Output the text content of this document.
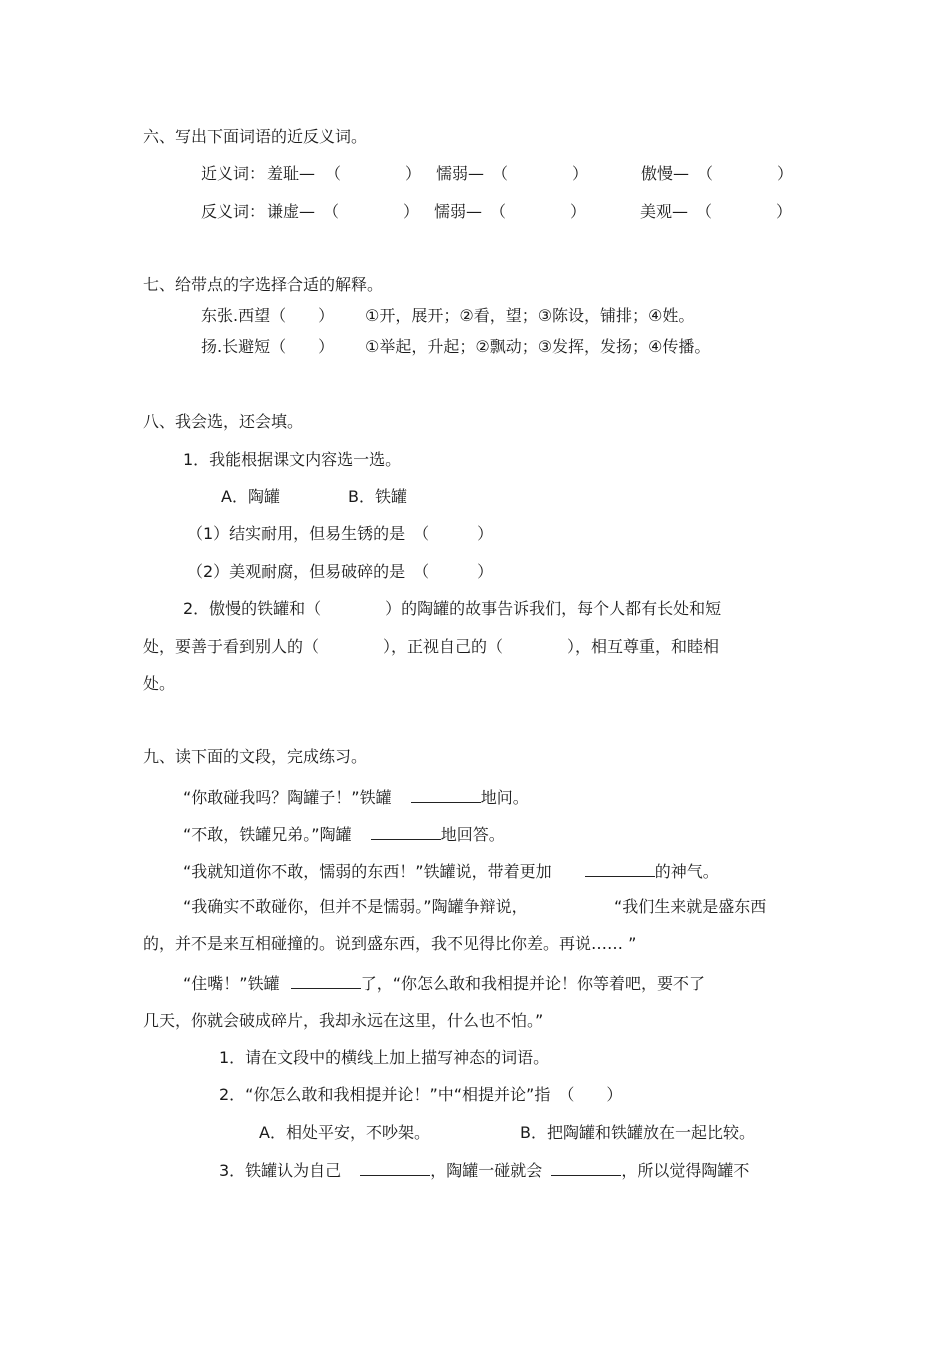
六、写出下面词语的近反义词。
近义词： 羞耻— （　　　　） 懦弱— （　　　　）	傲慢— （　　　　）
反义词： 谦虚— （　　　　） 懦弱— （　　　　）	美观— （　　　　）
七、给带点的字选择合适的解释。
东张.西望（　　） ①开，展开；②看，望；③陈设，铺排；④姓。
扬.长避短（　　） ①举起，升起；②飘动；③发挥，发扬；④传播。
八、我会选，还会填。
1．我能根据课文内容选一选。
A．陶罐	B．铁罐
（1）结实耐用，但易生锈的是　（　　　）
（2）美观耐腐，但易破碎的是　（　　　）
2．傲慢的铁罐和（　　　　）的陶罐的故事告诉我们，每个人都有长处和短
处，要善于看到别人的（　　　　），正视自己的（　　　　），相互尊重，和睦相
处。
九、读下面的文段，完成练习。
“你敢碰我吗？陶罐子！”铁罐	地问。
“不敢，铁罐兄弟。”陶罐	地回答。
“我就知道你不敢，懦弱的东西！”铁罐说，带着更加	的神气。
“我确实不敢碰你，但并不是懦弱。”陶罐争辩说，	“我们生来就是盛东西
的，并不是来互相碰撞的。说到盛东西，我不见得比你差。再说…… ”
“住嘴！”铁罐	了，“你怎么敢和我相提并论！你等着吧，要不了
几天，你就会破成碎片，我却永远在这里，什么也不怕。”
1．请在文段中的横线上加上描写神态的词语。
2．“你怎么敢和我相提并论！”中“相提并论”指　（　　）
A．相处平安，不吵架。	B．把陶罐和铁罐放在一起比较。
3．铁罐认为自己	，陶罐一碰就会	，所以觉得陶罐不
